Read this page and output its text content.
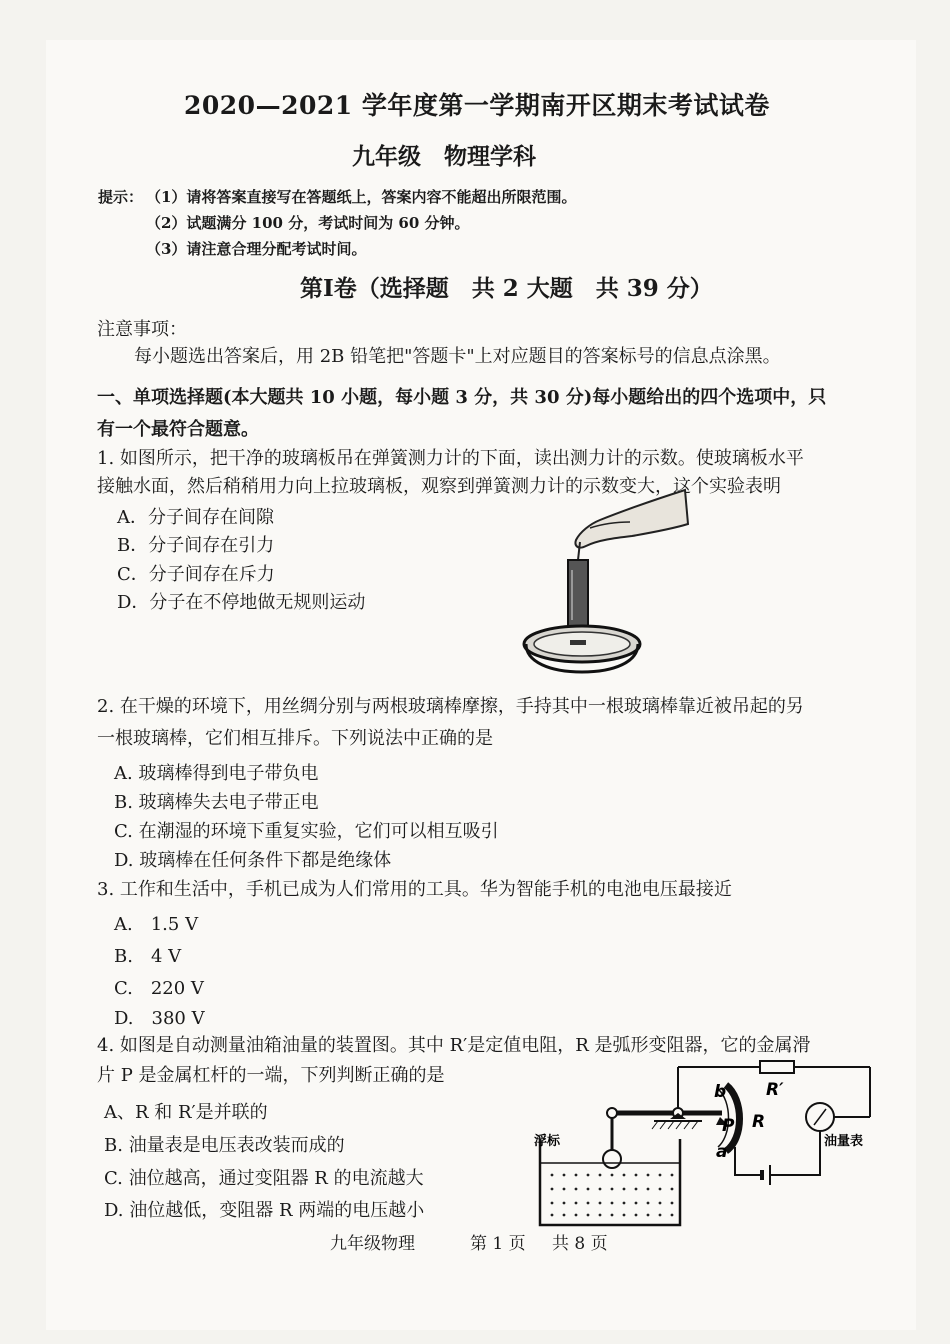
2020—2021 学年度第一学期南开区期末考试试卷
九年级　物理学科
提示： （1）请将答案直接写在答题纸上，答案内容不能超出所限范围。
（2）试题满分 100 分，考试时间为 60 分钟。
（3）请注意合理分配考试时间。
第Ⅰ卷（选择题　共 2 大题　共 39 分）
注意事项：
每小题选出答案后，用 2B 铅笔把"答题卡"上对应题目的答案标号的信息点涂黑。
一、单项选择题(本大题共 10 小题，每小题 3 分，共 30 分)每小题给出的四个选项中，只
有一个最符合题意。
1. 如图所示，把干净的玻璃板吊在弹簧测力计的下面，读出测力计的示数。使玻璃板水平
接触水面，然后稍稍用力向上拉玻璃板，观察到弹簧测力计的示数变大，这个实验表明
A．分子间存在间隙
B．分子间存在引力
C．分子间存在斥力
D．分子在不停地做无规则运动
2. 在干燥的环境下，用丝绸分别与两根玻璃棒摩擦，手持其中一根玻璃棒靠近被吊起的另
一根玻璃棒，它们相互排斥。下列说法中正确的是
A. 玻璃棒得到电子带负电
B. 玻璃棒失去电子带正电
C. 在潮湿的环境下重复实验，它们可以相互吸引
D. 玻璃棒在任何条件下都是绝缘体
3. 工作和生活中，手机已成为人们常用的工具。华为智能手机的电池电压最接近
A.　1.5 V
B.　4 V
C.　220 V
D.　380 V
4. 如图是自动测量油箱油量的装置图。其中 R′是定值电阻，R 是弧形变阻器，它的金属滑
片 P 是金属杠杆的一端，下列判断正确的是
A、R 和 R′是并联的
B. 油量表是电压表改装而成的
C. 油位越高，通过变阻器 R 的电流越大
D. 油位越低，变阻器 R 两端的电压越小
b R′
P R
a
浮标	油量表
九年级物理	第 1 页 共 8 页
